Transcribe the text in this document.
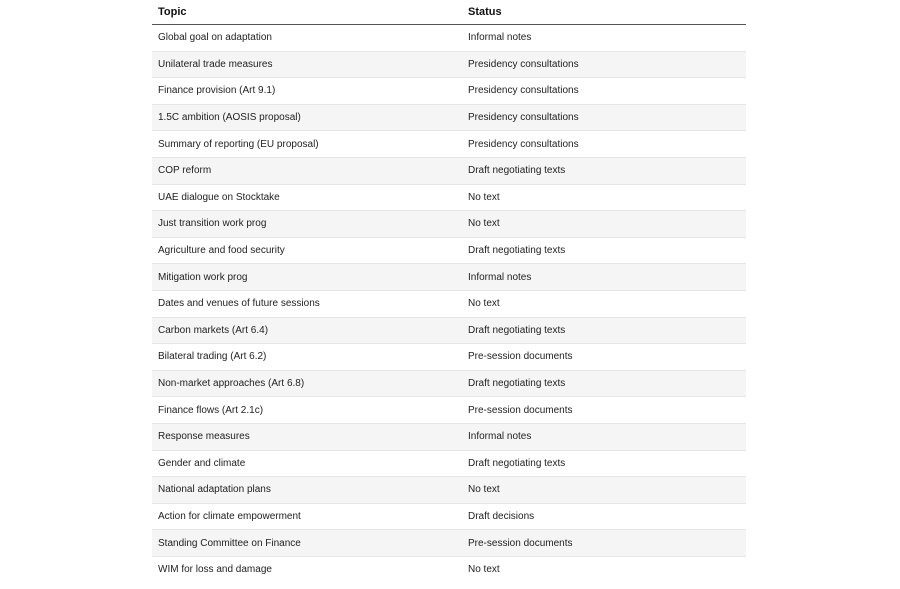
Topic	Status
Global goal on adaptation	Informal notes
Unilateral trade measures	Presidency consultations
Finance provision (Art 9.1)	Presidency consultations
1.5C ambition (AOSIS proposal)	Presidency consultations
Summary of reporting (EU proposal)	Presidency consultations
COP reform	Draft negotiating texts
UAE dialogue on Stocktake	No text
Just transition work prog	No text
Agriculture and food security	Draft negotiating texts
Mitigation work prog	Informal notes
Dates and venues of future sessions	No text
Carbon markets (Art 6.4)	Draft negotiating texts
Bilateral trading (Art 6.2)	Pre-session documents
Non-market approaches (Art 6.8)	Draft negotiating texts
Finance flows (Art 2.1c)	Pre-session documents
Response measures	Informal notes
Gender and climate	Draft negotiating texts
National adaptation plans	No text
Action for climate empowerment	Draft decisions
Standing Committee on Finance	Pre-session documents
WIM for loss and damage	No text
